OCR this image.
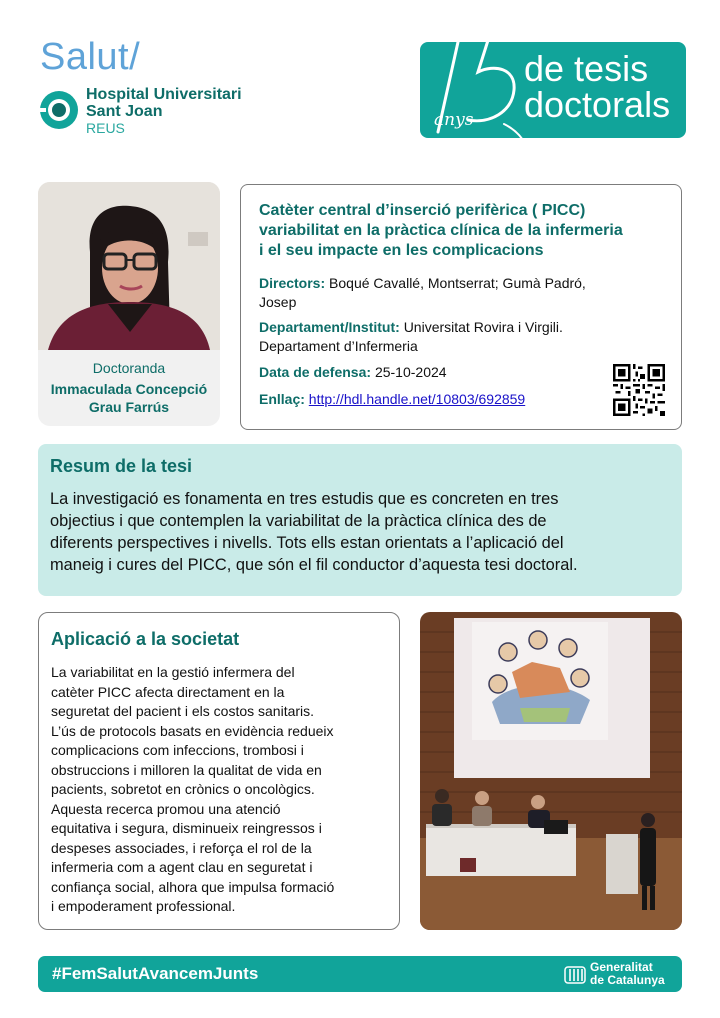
Salut/
Hospital Universitari
Sant Joan
REUS	anys
de tesis
doctorals
Doctoranda
Immaculada Concepció
Grau Farrús
Catèter central d’inserció perifèrica ( PICC)
variabilitat en la pràctica clínica de la infermeria
i el seu impacte en les complicacions
Directors: Boqué Cavallé, Montserrat; Gumà Padró,
Josep
Departament/Institut: Universitat Rovira i Virgili.
Departament d’Infermeria
Data de defensa: 25-10-2024
Enllaç: http://hdl.handle.net/10803/692859
Resum de la tesi
La investigació es fonamenta en tres estudis que es concreten en tres
objectius i que contemplen la variabilitat de la pràctica clínica des de
diferents perspectives i nivells. Tots ells estan orientats a l’aplicació del
maneig i cures del PICC, que són el fil conductor d’aquesta tesi doctoral.
Aplicació a la societat
La variabilitat en la gestió infermera del
catèter PICC afecta directament en la
seguretat del pacient i els costos sanitaris.
L’ús de protocols basats en evidència redueix
complicacions com infeccions, trombosi i
obstruccions i milloren la qualitat de vida en
pacients, sobretot en crònics o oncològics.
Aquesta recerca promou una atenció
equitativa i segura, disminueix reingressos i
despeses associades, i reforça el rol de la
infermeria com a agent clau en seguretat i
confiança social, alhora que impulsa formació
i empoderament professional.
#FemSalutAvancemJunts	Generalitat
de Catalunya
